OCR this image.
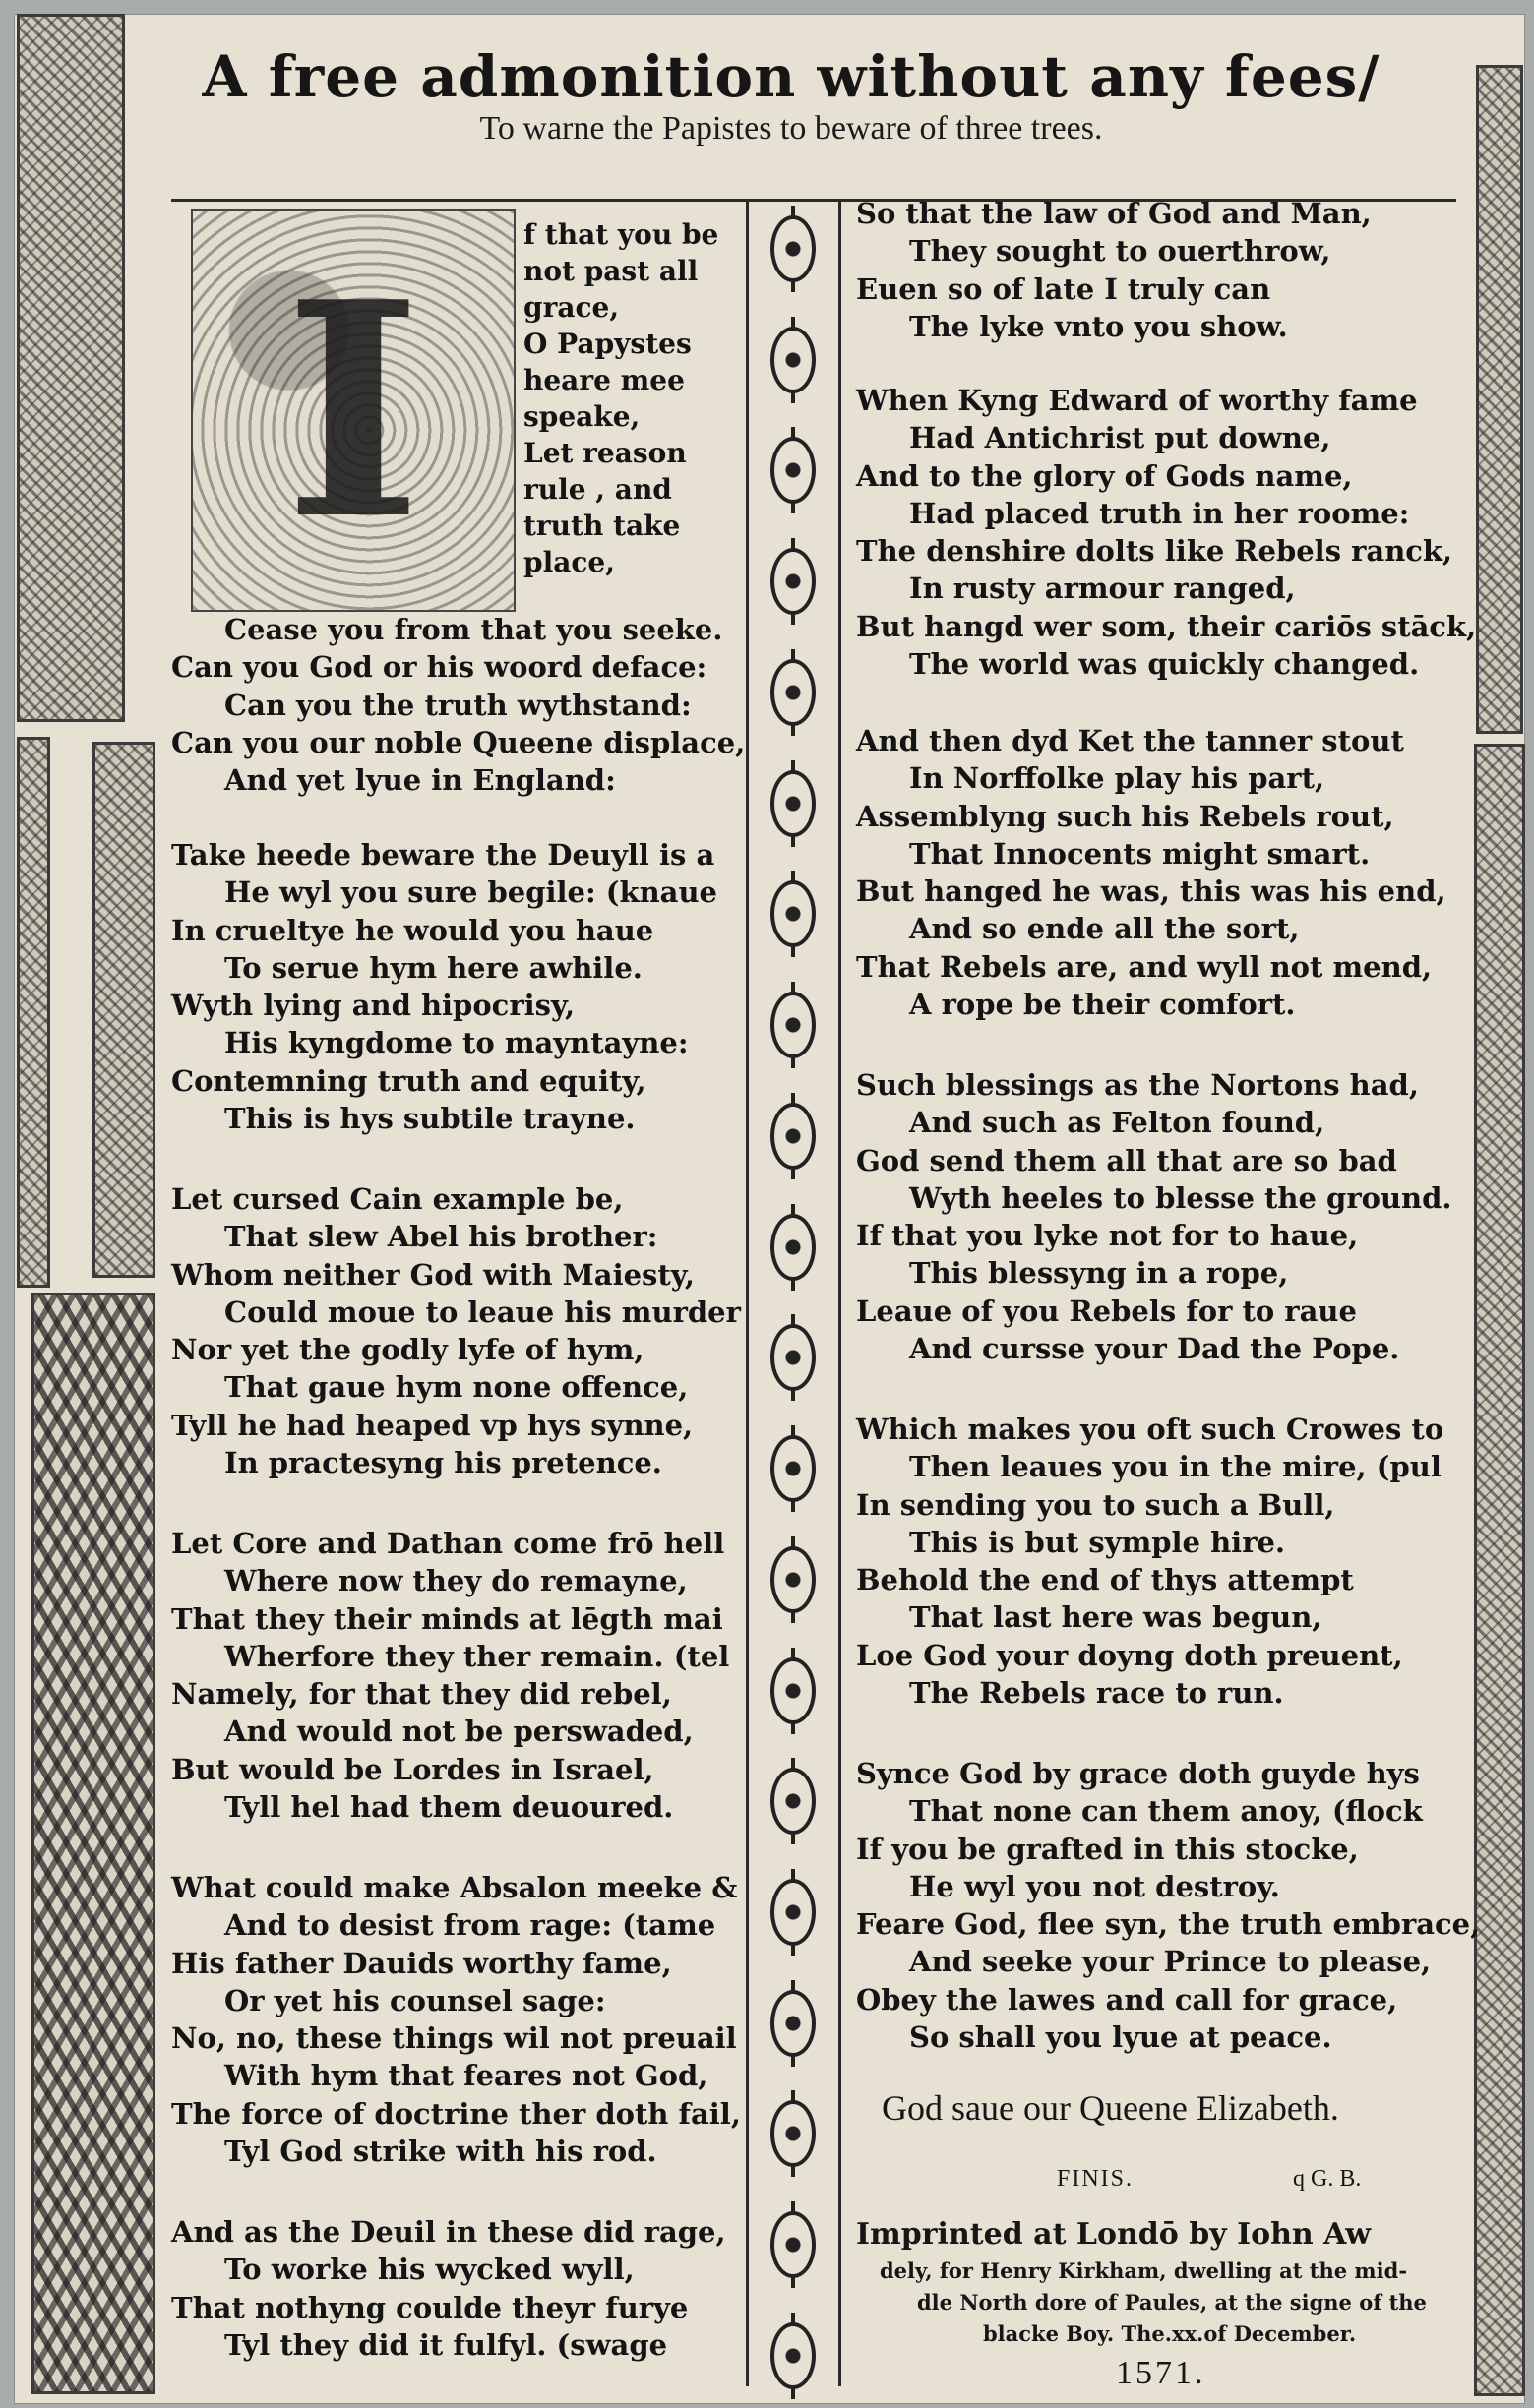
A free admonition without any fees/
To warne the Papistes to beware of three trees.
I
f that you be
not past all
grace,
O Papystes
heare mee
speake,
Let reason
rule , and
truth take
place,
Cease you from that you seeke.
Can you God or his woord deface:
Can you the truth wythstand:
Can you our noble Queene displace,
And yet lyue in England:
Take heede beware the Deuyll is a
He wyl you sure begile: (knaue
In crueltye he would you haue
To serue hym here awhile.
Wyth lying and hipocrisy,
His kyngdome to mayntayne:
Contemning truth and equity,
This is hys subtile trayne.
Let cursed Cain example be,
That slew Abel his brother:
Whom neither God with Maiesty,
Could moue to leaue his murder
Nor yet the godly lyfe of hym,
That gaue hym none offence,
Tyll he had heaped vp hys synne,
In practesyng his pretence.
Let Core and Dathan come frō hell
Where now they do remayne,
That they their minds at lēgth mai
Wherfore they ther remain. (tel
Namely, for that they did rebel,
And would not be perswaded,
But would be Lordes in Israel,
Tyll hel had them deuoured.
What could make Absalon meeke &
And to desist from rage: (tame
His father Dauids worthy fame,
Or yet his counsel sage:
No, no, these things wil not preuail
With hym that feares not God,
The force of doctrine ther doth fail,
Tyl God strike with his rod.
And as the Deuil in these did rage,
To worke his wycked wyll,
That nothyng coulde theyr furye
Tyl they did it fulfyl. (swage
So that the law of God and Man,
They sought to ouerthrow,
Euen so of late I truly can
The lyke vnto you show.
When Kyng Edward of worthy fame
Had Antichrist put downe,
And to the glory of Gods name,
Had placed truth in her roome:
The denshire dolts like Rebels ranck,
In rusty armour ranged,
But hangd wer som, their cariōs stāck,
The world was quickly changed.
And then dyd Ket the tanner stout
In Norffolke play his part,
Assemblyng such his Rebels rout,
That Innocents might smart.
But hanged he was, this was his end,
And so ende all the sort,
That Rebels are, and wyll not mend,
A rope be their comfort.
Such blessings as the Nortons had,
And such as Felton found,
God send them all that are so bad
Wyth heeles to blesse the ground.
If that you lyke not for to haue,
This blessyng in a rope,
Leaue of you Rebels for to raue
And cursse your Dad the Pope.
Which makes you oft such Crowes to
Then leaues you in the mire, (pul
In sending you to such a Bull,
This is but symple hire.
Behold the end of thys attempt
That last here was begun,
Loe God your doyng doth preuent,
The Rebels race to run.
Synce God by grace doth guyde hys
That none can them anoy, (flock
If you be grafted in this stocke,
He wyl you not destroy.
Feare God, flee syn, the truth embrace,
And seeke your Prince to please,
Obey the lawes and call for grace,
So shall you lyue at peace.
God saue our Queene Elizabeth.
FINIS.	q G. B.
Imprinted at Londō by Iohn Aw
dely, for Henry Kirkham, dwelling at the mid-
dle North dore of Paules, at the signe of the
blacke Boy. The.xx.of December.
1571.
